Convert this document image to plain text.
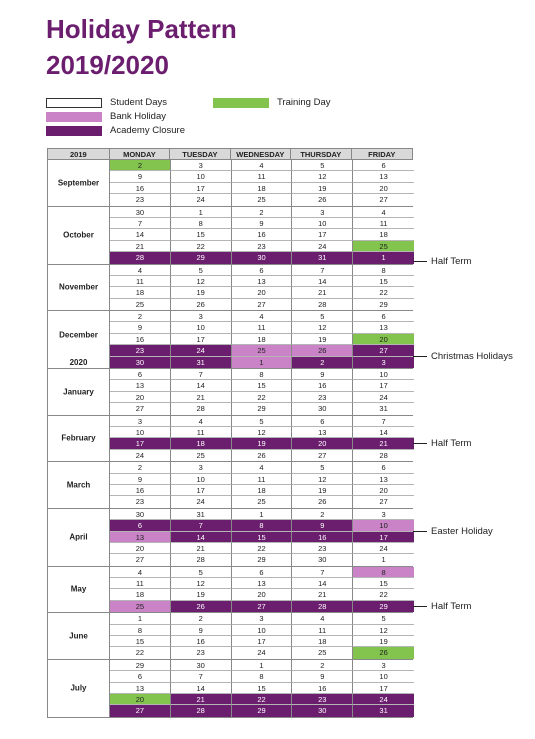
Holiday Pattern
2019/2020
Student Days
Bank Holiday
Academy Closure
Training Day
2019	MONDAY	TUESDAY	WEDNESDAY	THURSDAY	FRIDAY
September
2	3	4	5	6
9	10	11	12	13
16	17	18	19	20
23	24	25	26	27
October
30	1	2	3	4
7	8	9	10	11
14	15	16	17	18
21	22	23	24	25
28	29	30	31	1
November
4	5	6	7	8
11	12	13	14	15
18	19	20	21	22
25	26	27	28	29
December
2020
2	3	4	5	6
9	10	11	12	13
16	17	18	19	20
23	24	25	26	27
30	31	1	2	3
January
6	7	8	9	10
13	14	15	16	17
20	21	22	23	24
27	28	29	30	31
February
3	4	5	6	7
10	11	12	13	14
17	18	19	20	21
24	25	26	27	28
March
2	3	4	5	6
9	10	11	12	13
16	17	18	19	20
23	24	25	26	27
April
30	31	1	2	3
6	7	8	9	10
13	14	15	16	17
20	21	22	23	24
27	28	29	30	1
May
4	5	6	7	8
11	12	13	14	15
18	19	20	21	22
25	26	27	28	29
June
1	2	3	4	5
8	9	10	11	12
15	16	17	18	19
22	23	24	25	26
July
29	30	1	2	3
6	7	8	9	10
13	14	15	16	17
20	21	22	23	24
27	28	29	30	31
Half Term
Christmas Holidays
Half Term
Easter Holiday
Half Term
